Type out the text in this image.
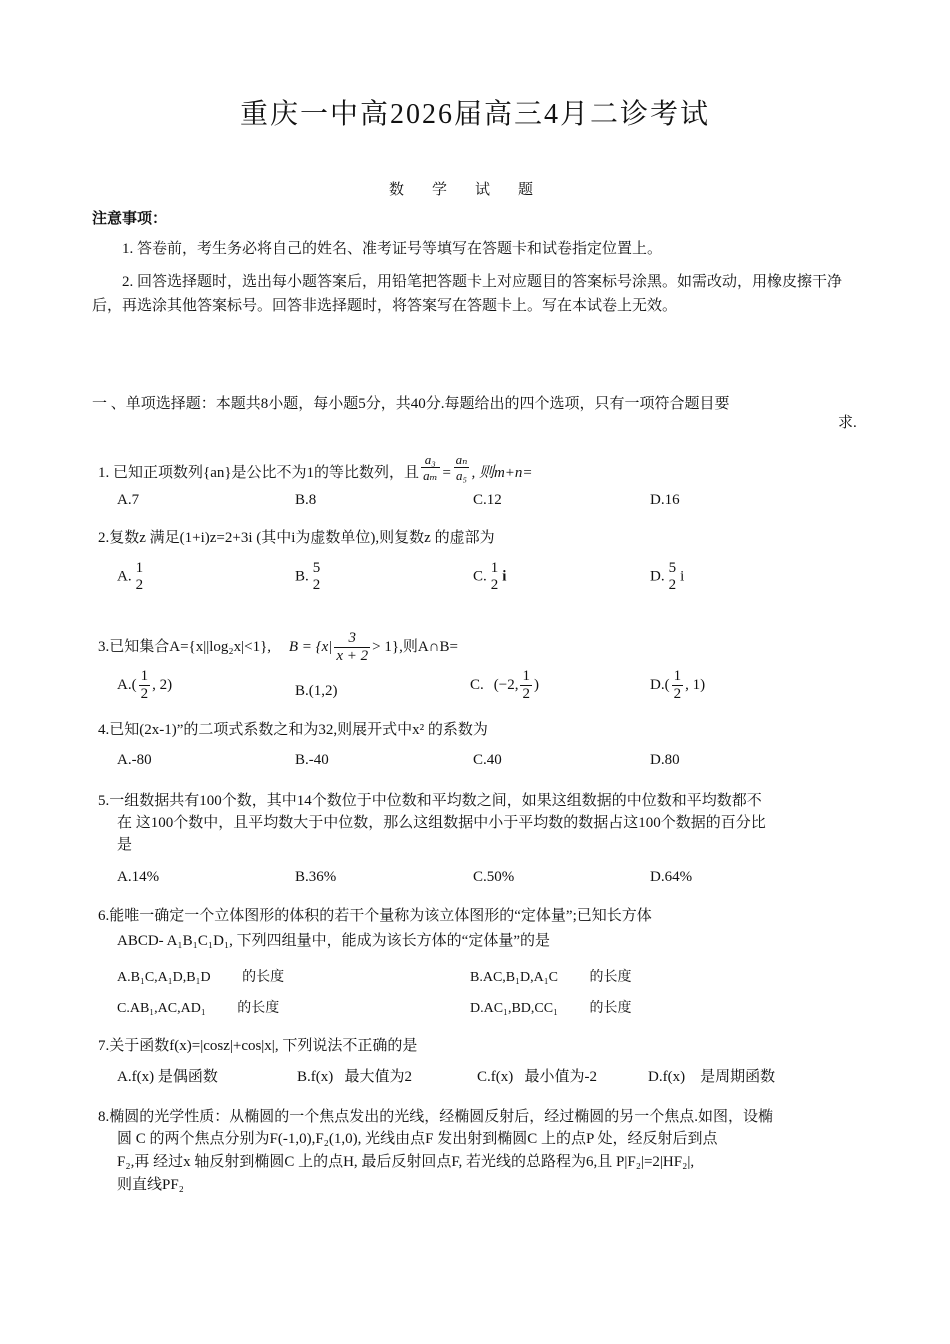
重庆一中高2026届高三4月二诊考试
数学试题
注意事项：
1. 答卷前，考生务必将自己的姓名、准考证号等填写在答题卡和试卷指定位置上。
2. 回答选择题时，选出每小题答案后，用铅笔把答题卡上对应题目的答案标号涂黑。如需改动，用橡皮擦干净后，再选涂其他答案标号。回答非选择题时，将答案写在答题卡上。写在本试卷上无效。
一 、单项选择题：本题共8小题，每小题5分，共40分.每题给出的四个选项，只有一项符合题目要
求.
1. 已知正项数列{an}是公比不为1的等比数列，且 $\frac{\text{a₃}}{\text{aₘ}} = \frac{\text{aₙ}}{\text{a₅}}$ , 则m+n=
A.7	B.8	C.12	D.16
2.复数z 满足(1+i)z=2+3i (其中i为虚数单位),则复数z 的虚部为
A.
1
2
B.
5
2
C.
1
2
i	D.
5
2
i
3.已知集合A={x||log₂x|<1}, $B = \{x| \frac{3}{x + 2} > 1\}$,则A∩B=
$A.( \frac{1}{2}$ , 2)	B.(1,2)	C. (−2, $\frac{1}{2}$ )	$D.( \frac{1}{2}$ , 1)
4.已知(2x-1)”的二项式系数之和为32,则展开式中x² 的系数为
A.-80	B.-40	C.40	D.80
5.一组数据共有100个数，其中14个数位于中位数和平均数之间，如果这组数据的中位数和平均数都不
在 这100个数中，且平均数大于中位数，那么这组数据中小于平均数的数据占这100个数据的百分比
是
A.14%	B.36%	C.50%	D.64%
6.能唯一确定一个立体图形的体积的若干个量称为该立体图形的“定体量”;已知长方体
ABCD- A₁B₁C₁D₁, 下列四组量中，能成为该长方体的“定体量”的是
A.B₁C,A₁D,B₁D         的长度	B.AC,B₁D,A₁C         的长度
C.AB₁,AC,AD₁         的长度	D.AC₁,BD,CC₁         的长度
7.关于函数f(x)=|cosz|+cos|x|, 下列说法不正确的是
A.f(x) 是偶函数	B.f(x)   最大值为2	C.f(x)   最小值为-2	D.f(x)    是周期函数
8.椭圆的光学性质：从椭圆的一个焦点发出的光线，经椭圆反射后，经过椭圆的另一个焦点.如图，设椭
圆 C 的两个焦点分别为F(-1,0),F₂(1,0), 光线由点F 发出射到椭圆C 上的点P 处，经反射后到点
F₂,再 经过x 轴反射到椭圆C 上的点H, 最后反射回点F, 若光线的总路程为6,且 P|F₂|=2|HF₂|,
则直线PF₂
